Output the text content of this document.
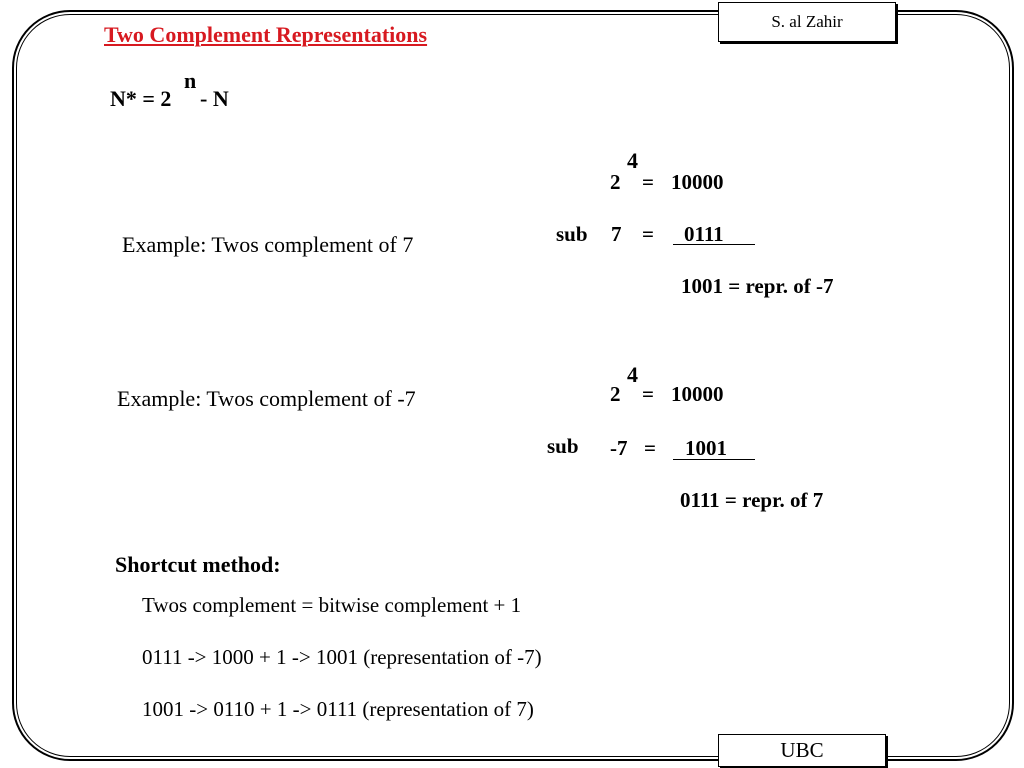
S. al Zahir
Two Complement Representations
N* = 2
n
- N
Example: Twos complement of 7
4
2 = 10000
sub 7 = 0111
1001 = repr. of -7
Example: Twos complement of -7
4
2 = 10000
sub -7 = 1001
0111 = repr. of 7
Shortcut method:
Twos complement = bitwise complement + 1
0111 -> 1000 + 1 -> 1001 (representation of -7)
1001 -> 0110 + 1 -> 0111 (representation of 7)
UBC
